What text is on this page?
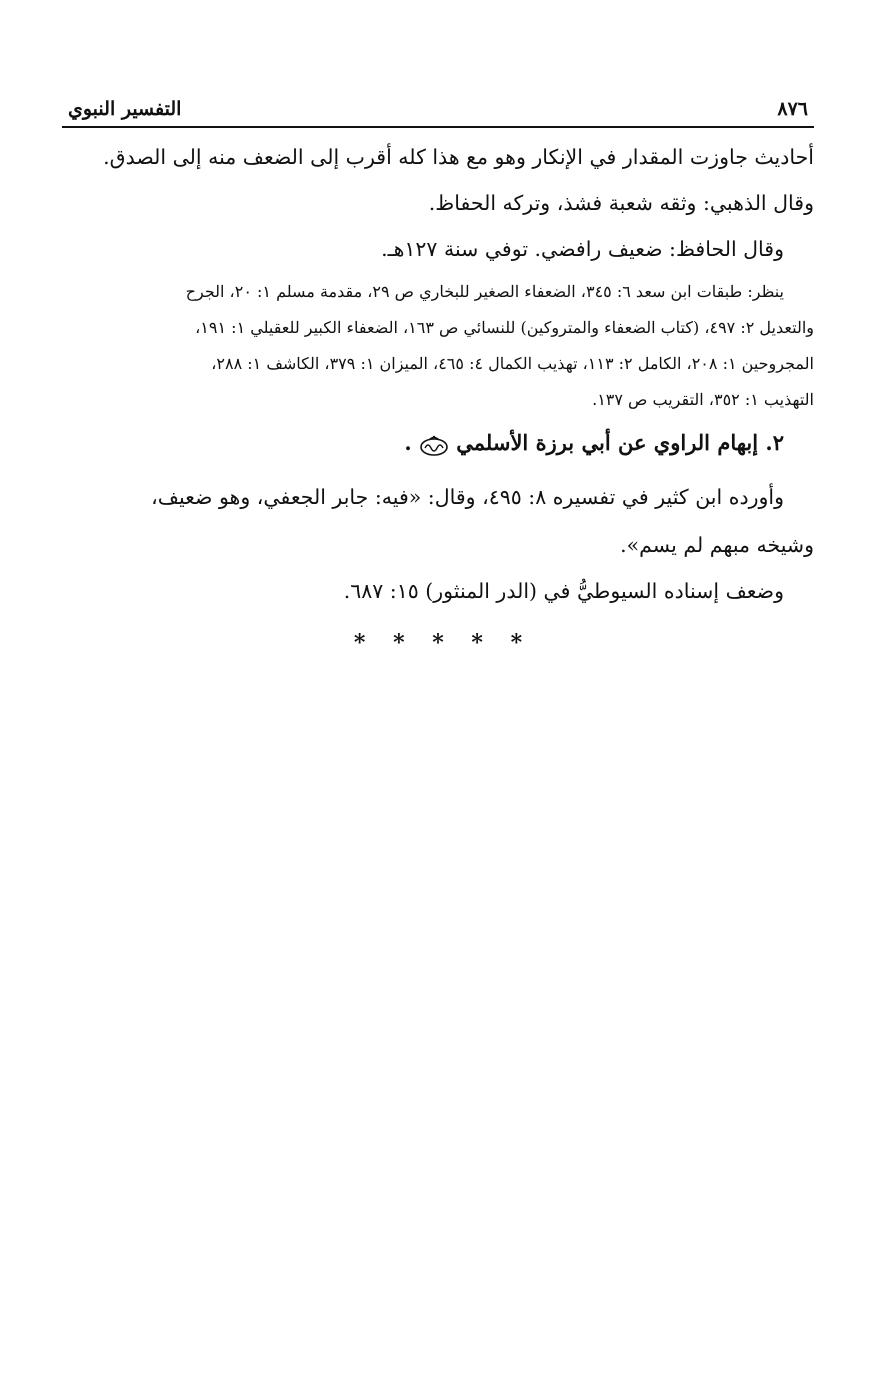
٨٧٦
التفسير النبوي

أحاديث جاوزت المقدار في الإنكار وهو مع هذا كله أقرب إلى الضعف منه إلى الصدق.

وقال الذهبي: وثقه شعبة فشذ، وتركه الحفاظ.

وقال الحافظ: ضعيف رافضي. توفي سنة ١٢٧هـ.

ينظر: طبقات ابن سعد ٦: ٣٤٥، الضعفاء الصغير للبخاري ص ٢٩، مقدمة مسلم ١: ٢٠، الجرح
والتعديل ٢: ٤٩٧، (كتاب الضعفاء والمتروكين) للنسائي ص ١٦٣، الضعفاء الكبير للعقيلي ١: ١٩١،
المجروحين ١: ٢٠٨، الكامل ٢: ١١٣، تهذيب الكمال ٤: ٤٦٥، الميزان ١: ٣٧٩، الكاشف ١: ٢٨٨،
التهذيب ١: ٣٥٢، التقريب ص ١٣٧.
٢. إبهام الراوي عن أبي برزة الأسلمي
.
وأورده ابن كثير في تفسيره ٨: ٤٩٥، وقال: «فيه: جابر الجعفي، وهو ضعيف،
وشيخه مبهم لم يسم».

وضعف إسناده السيوطيُّ في (الدر المنثور) ١٥: ٦٨٧.

* * * * *
